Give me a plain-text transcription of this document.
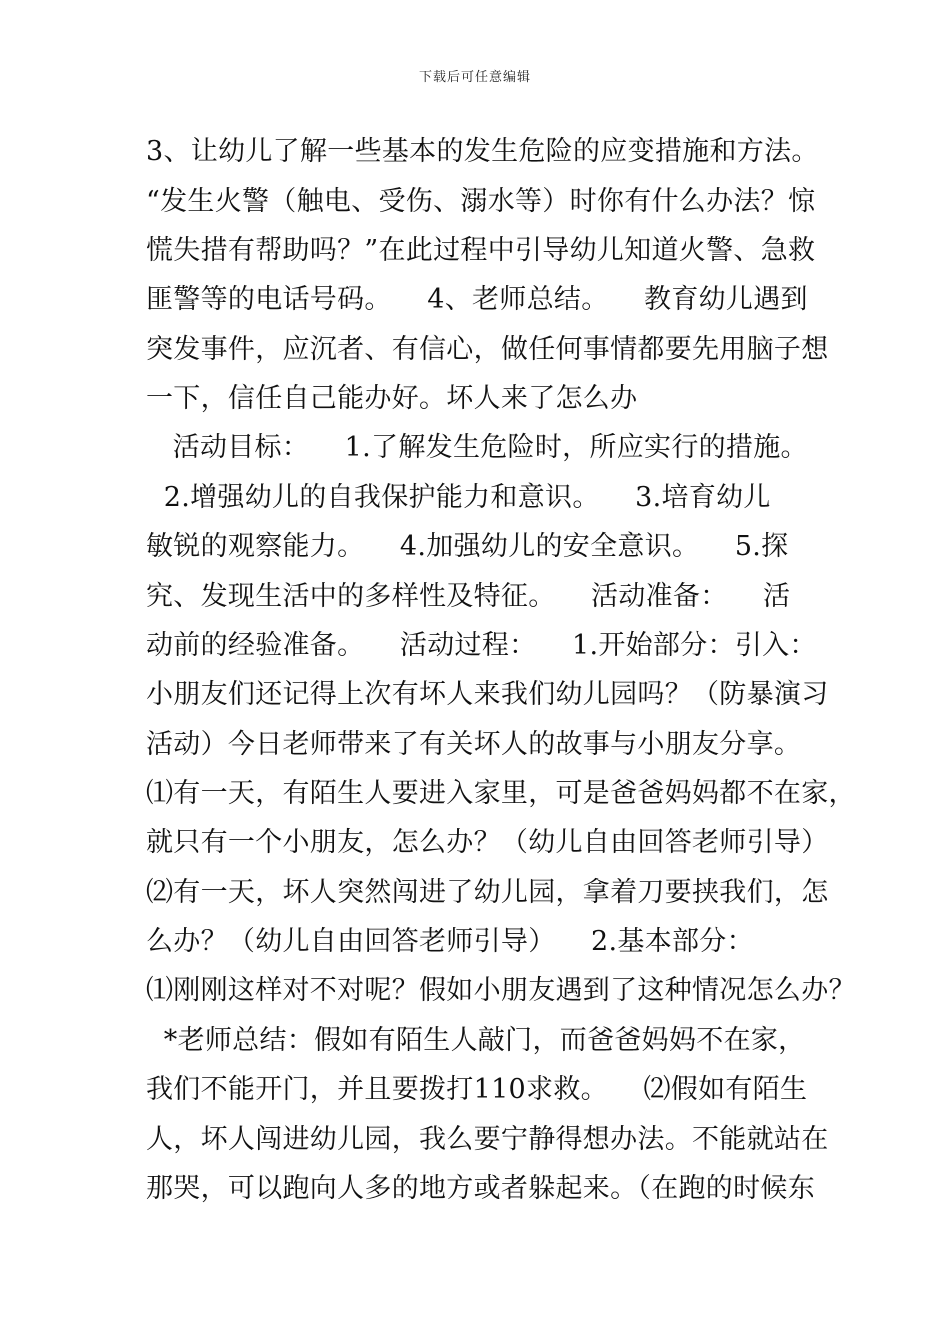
下载后可任意编辑
3、让幼儿了解一些基本的发生危险的应变措施和方法。
“发生火警（触电、受伤、溺水等）时你有什么办法？惊
慌失措有帮助吗？”在此过程中引导幼儿知道火警、急救
匪警等的电话号码。    4、老师总结。    教育幼儿遇到
突发事件，应沉者、有信心，做任何事情都要先用脑子想
一下，信任自己能办好。坏人来了怎么办
活动目标：    1.了解发生危险时，所应实行的措施。
2.增强幼儿的自我保护能力和意识。    3.培育幼儿
敏锐的观察能力。    4.加强幼儿的安全意识。    5.探
究、发现生活中的多样性及特征。    活动准备：    活
动前的经验准备。    活动过程：    1.开始部分：引入：
小朋友们还记得上次有坏人来我们幼儿园吗？（防暴演习
活动）今日老师带来了有关坏人的故事与小朋友分享。
⑴有一天，有陌生人要进入家里，可是爸爸妈妈都不在家，
就只有一个小朋友，怎么办？（幼儿自由回答老师引导）
⑵有一天，坏人突然闯进了幼儿园，拿着刀要挟我们，怎
么办？（幼儿自由回答老师引导）    2.基本部分：
⑴刚刚这样对不对呢？假如小朋友遇到了这种情况怎么办？
*老师总结：假如有陌生人敲门，而爸爸妈妈不在家，
我们不能开门，并且要拨打110求救。    ⑵假如有陌生
人，坏人闯进幼儿园，我么要宁静得想办法。不能就站在
那哭，可以跑向人多的地方或者躲起来。（在跑的时候东
